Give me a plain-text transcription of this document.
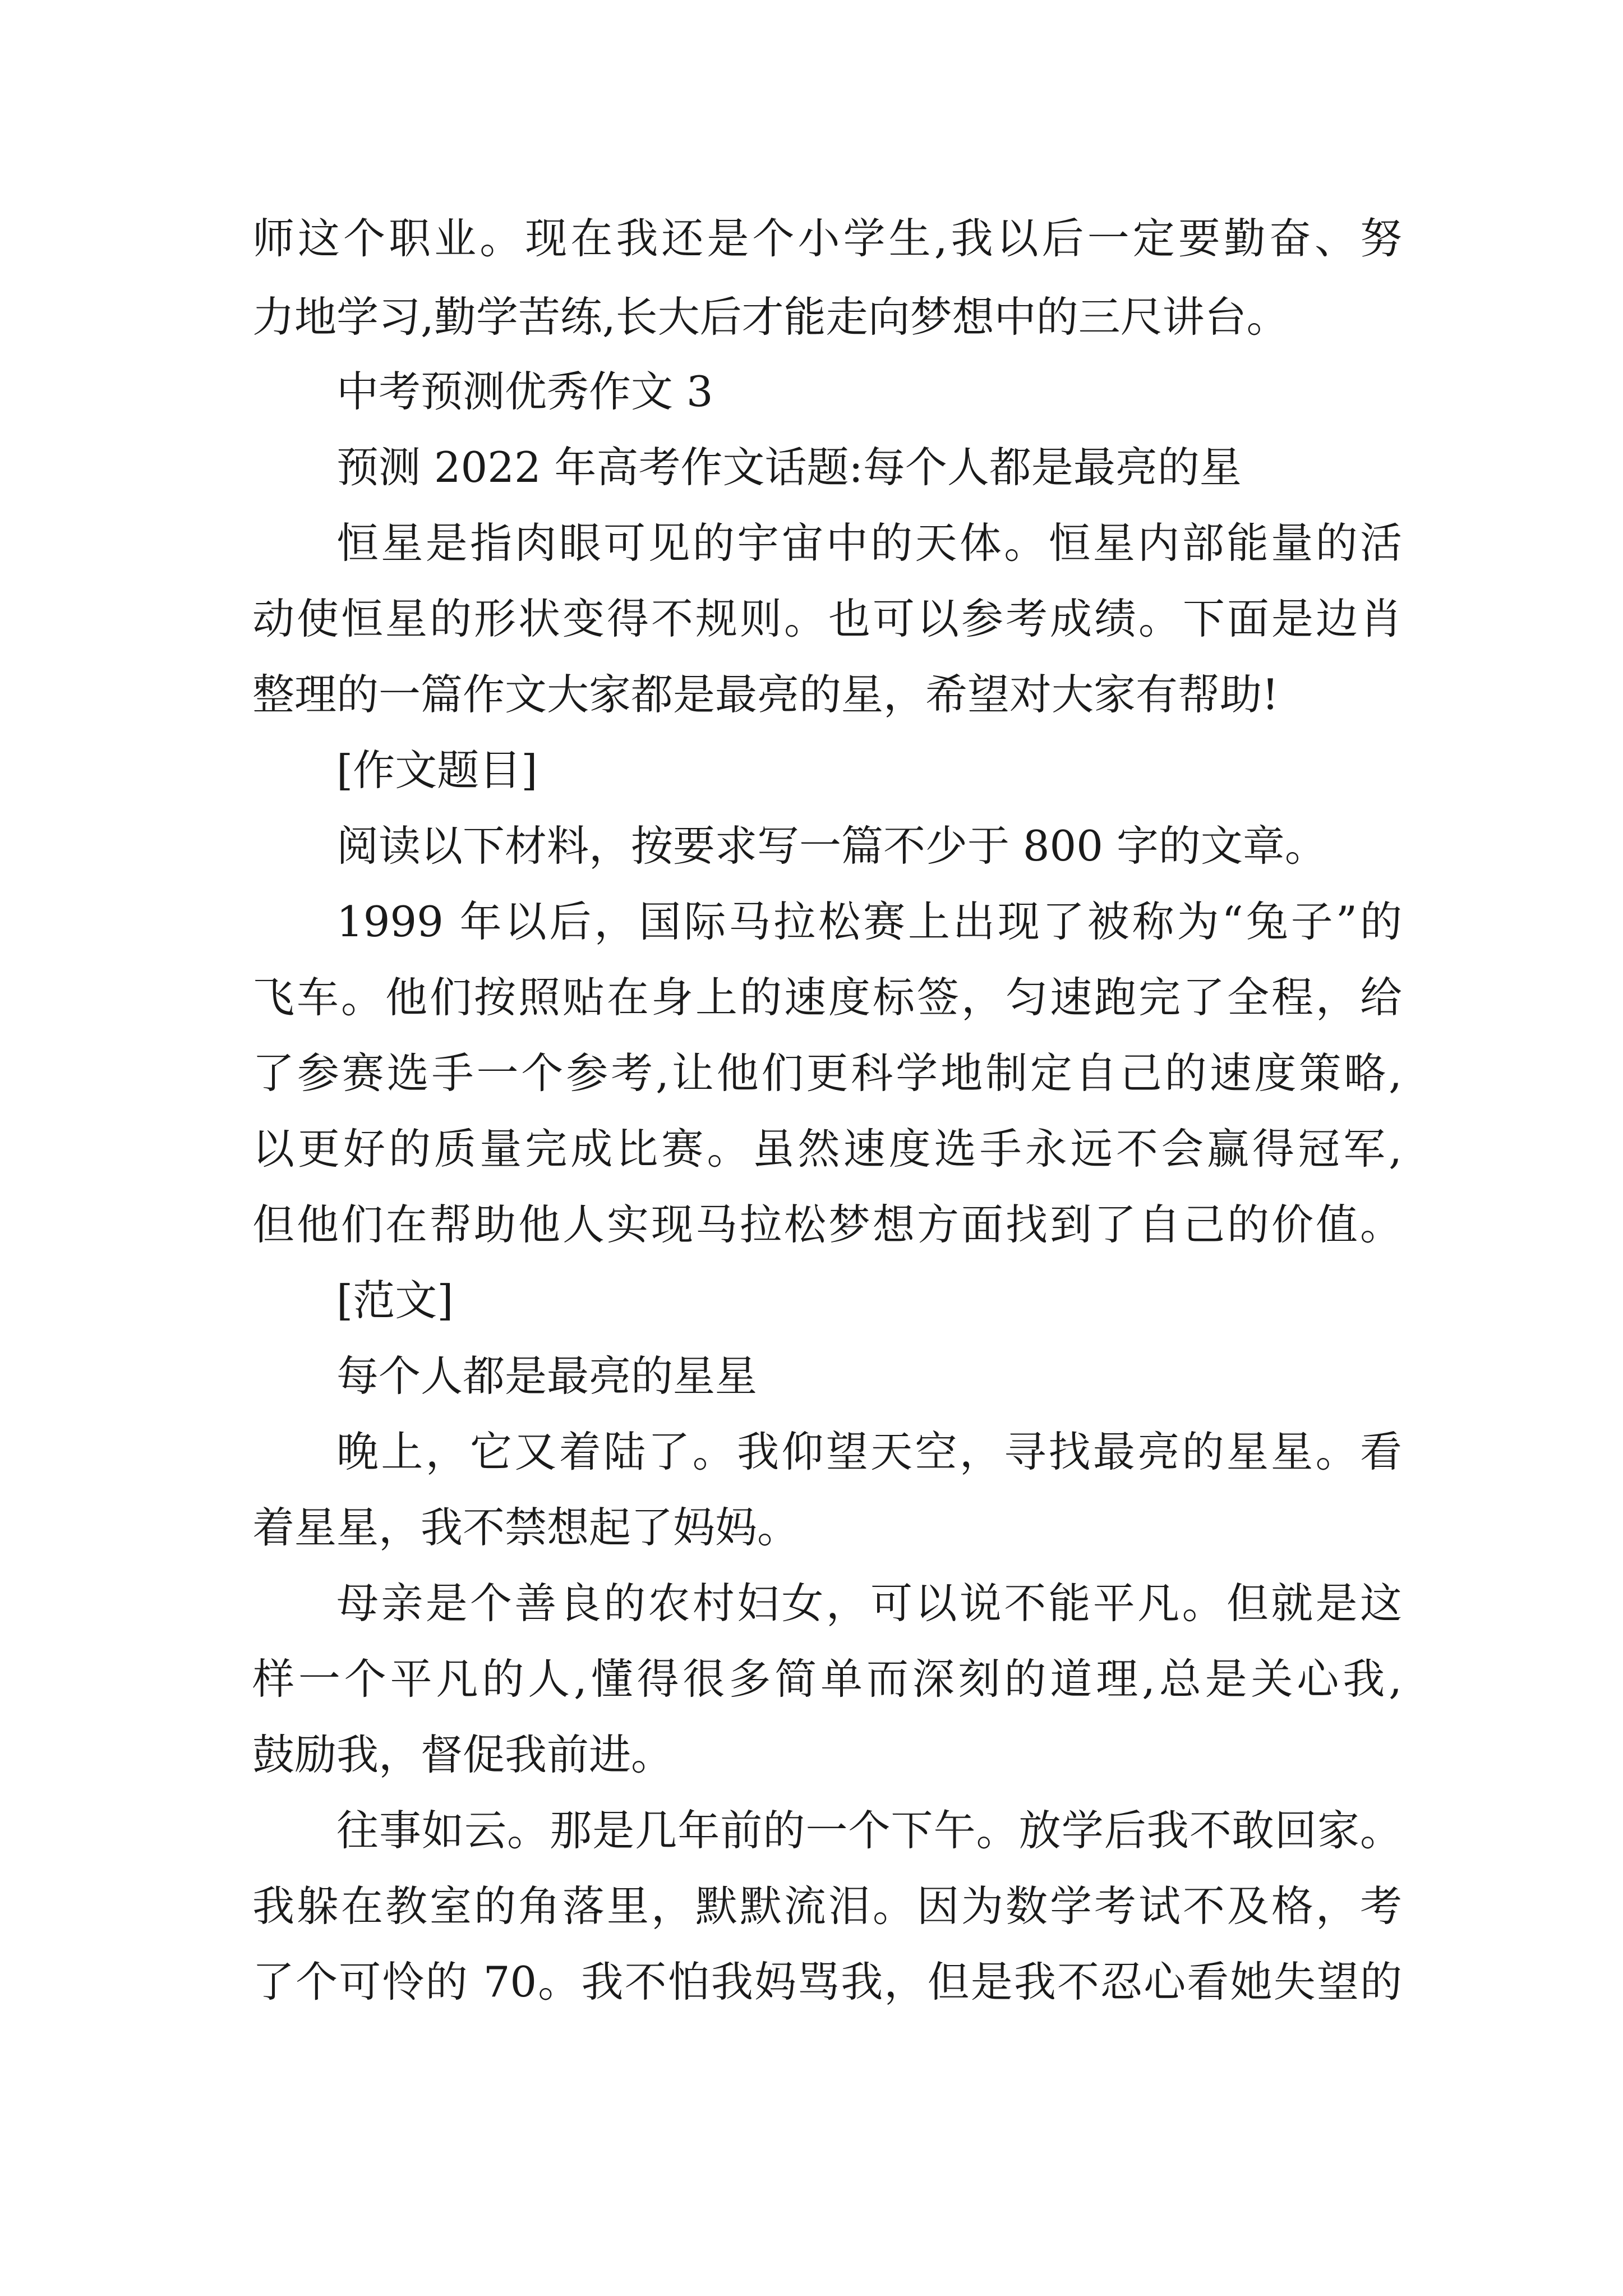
师这个职业。现在我还是个小学生,我以后一定要勤奋、努
力地学习,勤学苦练,长大后才能走向梦想中的三尺讲台。
中考预测优秀作文 3
预测 2022 年高考作文话题:每个人都是最亮的星
恒星是指肉眼可见的宇宙中的天体。恒星内部能量的活
动使恒星的形状变得不规则。也可以参考成绩。下面是边肖
整理的一篇作文大家都是最亮的星，希望对大家有帮助!
[作文题目]
阅读以下材料，按要求写一篇不少于 800 字的文章。
1999 年以后，国际马拉松赛上出现了被称为“兔子”的
飞车。他们按照贴在身上的速度标签，匀速跑完了全程，给
了参赛选手一个参考,让他们更科学地制定自己的速度策略,
以更好的质量完成比赛。虽然速度选手永远不会赢得冠军,
但他们在帮助他人实现马拉松梦想方面找到了自己的价值。
[范文]
每个人都是最亮的星星
晚上，它又着陆了。我仰望天空，寻找最亮的星星。看
着星星，我不禁想起了妈妈。
母亲是个善良的农村妇女，可以说不能平凡。但就是这
样一个平凡的人,懂得很多简单而深刻的道理,总是关心我,
鼓励我，督促我前进。
往事如云。那是几年前的一个下午。放学后我不敢回家。
我躲在教室的角落里，默默流泪。因为数学考试不及格，考
了个可怜的 70。我不怕我妈骂我，但是我不忍心看她失望的
